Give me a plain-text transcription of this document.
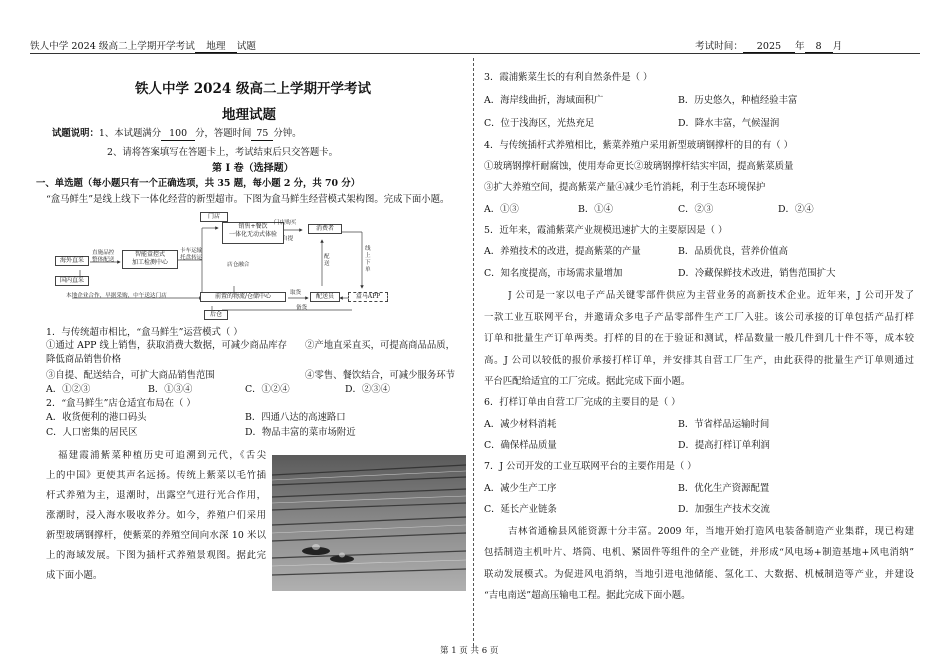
铁人中学 2024 级高二上学期开学考试 地理 试题	考试时间： 2025 年 8 月
铁人中学 2024 级高二上学期开学考试
地理试题
试题说明：1、本试题满分 100 分，答题时间 75 分钟。
2、请将答案填写在答题卡上，考试结束后只交答题卡。
第 I 卷（选择题）
一、单选题（每小题只有一个正确选项，共 35 题，每小题 2 分，共 70 分）
“盒马鲜生”是线上线下一体化经营的新型超市。下图为盒马鲜生经营模式架构图。完成下面小题。
门店
销售+餐饮
一体化无动式体验
门店购买
自提
消费者
海外直采
国内直采
直施品控
整体配送
智能盒控式
加工检测中心
卡车运输
托盘转运
店仓融合
前置的物流/仓储中心	取货	配送员
配送
线上下单
盒马APP
备货
后仓
本地企业合作，早据采购，中午送达门店
1．与传统超市相比，“盒马鲜生”运营模式（ ）
①通过 APP 线上销售，获取消费大数据，可减少商品库存 ②产地直采直买，可提高商品品质，
降低商品销售价格
③自提、配送结合，可扩大商品销售范围	④零售、餐饮结合，可减少服务环节
A．①②③	B．①③④	C．①②④	D．②③④
2．“盒马鲜生”店仓适宜布局在（ ）
A．收货便利的港口码头	B．四通八达的高速路口
C．人口密集的居民区	D．物品丰富的菜市场附近
福建霞浦紫菜种植历史可追溯到元代，《舌尖
上的中国》更使其声名远扬。传统上紫菜以毛竹插
杆式养殖为主，退潮时，出露空气进行光合作用，
涨潮时，浸入海水吸收养分。如今，养殖户们采用
新型玻璃钢撑杆，使紫菜的养殖空间向水深 10 米以
上的海域发展。下图为插杆式养殖景观图。据此完
成下面小题。
3．霞浦紫菜生长的有利自然条件是（ ）
A．海岸线曲折，海域面积广	B．历史悠久，种植经验丰富
C．位于浅海区，光热充足	D．降水丰富，气候湿润
4．与传统插杆式养殖相比，紫菜养殖户采用新型玻璃钢撑杆的目的有（ ）
①玻璃钢撑杆耐腐蚀，使用寿命更长②玻璃钢撑杆结实牢固，提高紫菜质量
③扩大养殖空间，提高紫菜产量④减少毛竹消耗，利于生态环境保护
A．①③	B．①④	C．②③	D．②④
5．近年来，霞浦紫菜产业规模迅速扩大的主要原因是（ ）
A．养殖技术的改进，提高紫菜的产量	B．品质优良，营养价值高
C．知名度提高，市场需求量增加	D．冷藏保鲜技术改进，销售范围扩大
J 公司是一家以电子产品关键零部件供应为主营业务的高新技术企业。近年来，J 公司开发了
一款工业互联网平台，并邀请众多电子产品零部件生产工厂入驻。该公司承接的订单包括产品打样
订单和批量生产订单两类。打样的目的在于验证和测试，样品数量一般几件到几十件不等，成本较
高。J 公司以较低的报价承接打样订单，并安排其自营工厂生产，由此获得的批量生产订单则通过
平台匹配给适宜的工厂完成。据此完成下面小题。
6．打样订单由自营工厂完成的主要目的是（ ）
A．减少材料消耗	B．节省样品运输时间
C．确保样品质量	D．提高打样订单利润
7．J 公司开发的工业互联网平台的主要作用是（ ）
A．减少生产工序	B．优化生产资源配置
C．延长产业链条	D．加强生产技术交流
吉林省通榆县风能资源十分丰富。2009 年，当地开始打造风电装备制造产业集群，现已构建
包括制造主机叶片、塔筒、电机、紧固件等组件的全产业链，并形成“风电场+制造基地+风电消纳”
联动发展模式。为促进风电消纳，当地引进电池储能、氢化工、大数据、机械制造等产业，并建设
“吉电南送”超高压输电工程。据此完成下面小题。
第 1 页 共 6 页
